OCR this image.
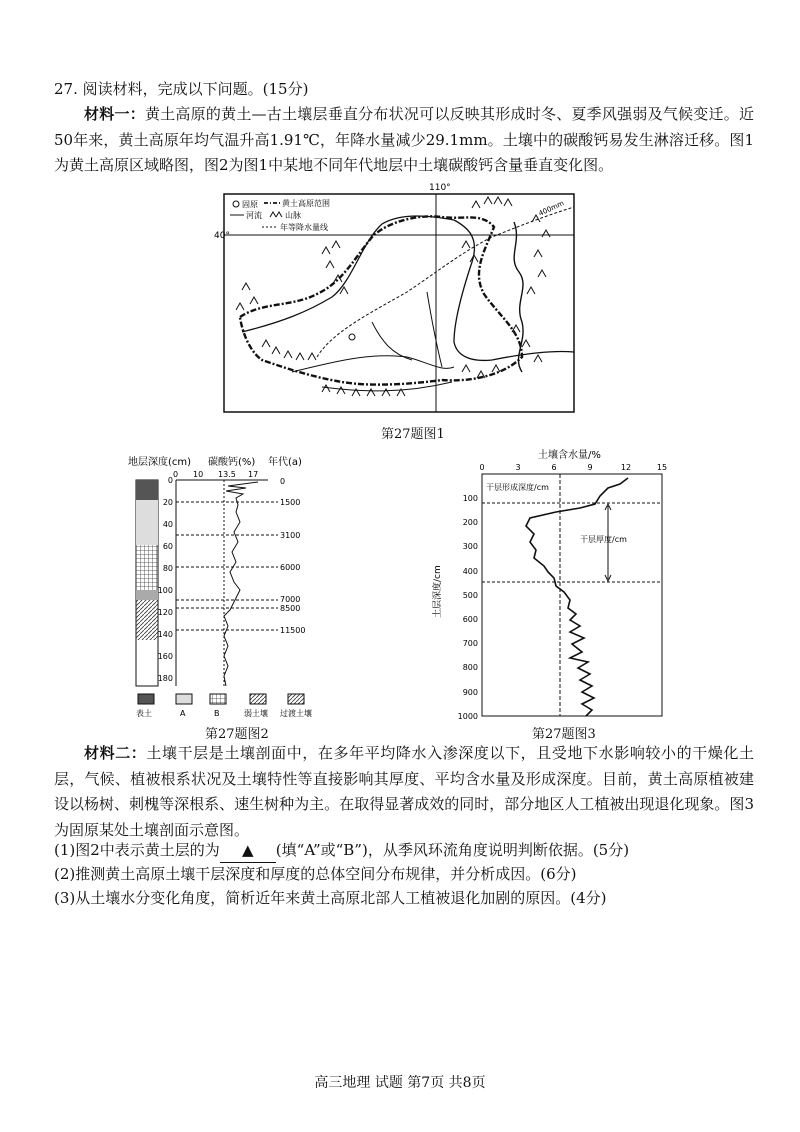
27. 阅读材料，完成以下问题。(15分)
材料一：黄土高原的黄土—古土壤层垂直分布状况可以反映其形成时冬、夏季风强弱及气候变迁。近50年来，黄土高原年均气温升高1.91℃，年降水量减少29.1mm。土壤中的碳酸钙易发生淋溶迁移。图1为黄土高原区域略图，图2为图1中某地不同年代地层中土壤碳酸钙含量垂直变化图。
110°
40°
固原	黄土高原范围
河流	山脉
年等降水量线
400mm
第27题图1
地层深度(cm) 碳酸钙(%) 年代(a)
0 10 13.5 17
0
20
40
60
80
100
120
140
160
180
0
1500
3100
6000
7000
8500
11500
表土	A	B	弱土壤 过渡土壤
第27题图2
土壤含水量/%
0	3	6	9	12	15
100
200
300
400
500
600
700
800
900
1000
土层深度/cm
干层形成深度/cm
干层厚度/cm
第27题图3
材料二：土壤干层是土壤剖面中，在多年平均降水入渗深度以下，且受地下水影响较小的干燥化土层，气候、植被根系状况及土壤特性等直接影响其厚度、平均含水量及形成深度。目前，黄土高原植被建设以杨树、刺槐等深根系、速生树种为主。在取得显著成效的同时，部分地区人工植被出现退化现象。图3为固原某处土壤剖面示意图。
(1)图2中表示黄土层的为 ▲ (填“A”或“B”)，从季风环流角度说明判断依据。(5分)
(2)推测黄土高原土壤干层深度和厚度的总体空间分布规律，并分析成因。(6分)
(3)从土壤水分变化角度，简析近年来黄土高原北部人工植被退化加剧的原因。(4分)
高三地理 试题 第7页 共8页
